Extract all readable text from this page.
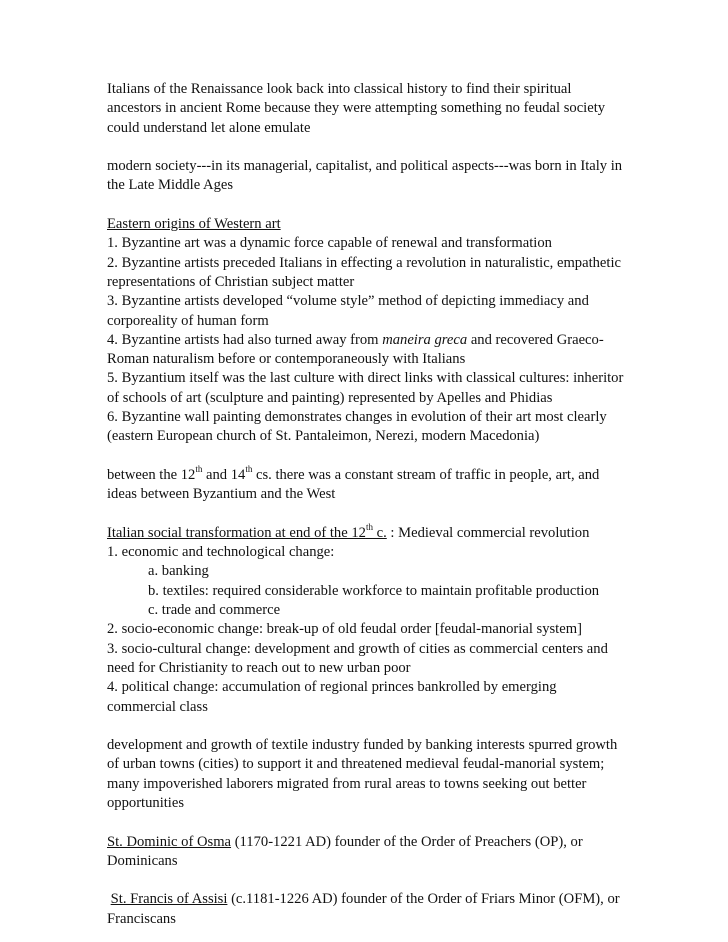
Italians of the Renaissance look back into classical history to find their spiritual ancestors in ancient Rome because they were attempting something no feudal society could understand let alone emulate

modern society---in its managerial, capitalist, and political aspects---was born in Italy in the Late Middle Ages

Eastern origins of Western art

1. Byzantine art was a dynamic force capable of renewal and transformation

2. Byzantine artists preceded Italians in effecting a revolution in naturalistic, empathetic representations of Christian subject matter

3. Byzantine artists developed “volume style” method of depicting immediacy and corporeality of human form

4. Byzantine artists had also turned away from maneira greca and recovered Graeco-Roman naturalism before or contemporaneously with Italians

5. Byzantium itself was the last culture with direct links with classical cultures: inheritor of schools of art (sculpture and painting) represented by Apelles and Phidias

6. Byzantine wall painting demonstrates changes in evolution of their art most clearly (eastern European church of St. Pantaleimon, Nerezi, modern Macedonia)

between the 12th and 14th cs. there was a constant stream of traffic in people, art, and ideas between Byzantium and the West

Italian social transformation at end of the 12th c. : Medieval commercial revolution

1. economic and technological change:

a. banking

b. textiles: required considerable workforce to maintain profitable production

c. trade and commerce

2. socio-economic change: break-up of old feudal order [feudal-manorial system]

3. socio-cultural change: development and growth of cities as commercial centers and need for Christianity to reach out to new urban poor

4. political change: accumulation of regional princes bankrolled by emerging commercial class

development and growth of textile industry funded by banking interests spurred growth of urban towns (cities) to support it and threatened medieval feudal-manorial system; many impoverished laborers migrated from rural areas to towns seeking out better opportunities

St. Dominic of Osma (1170-1221 AD) founder of the Order of Preachers (OP), or Dominicans

St. Francis of Assisi (c.1181-1226 AD) founder of the Order of Friars Minor (OFM), or Franciscans
